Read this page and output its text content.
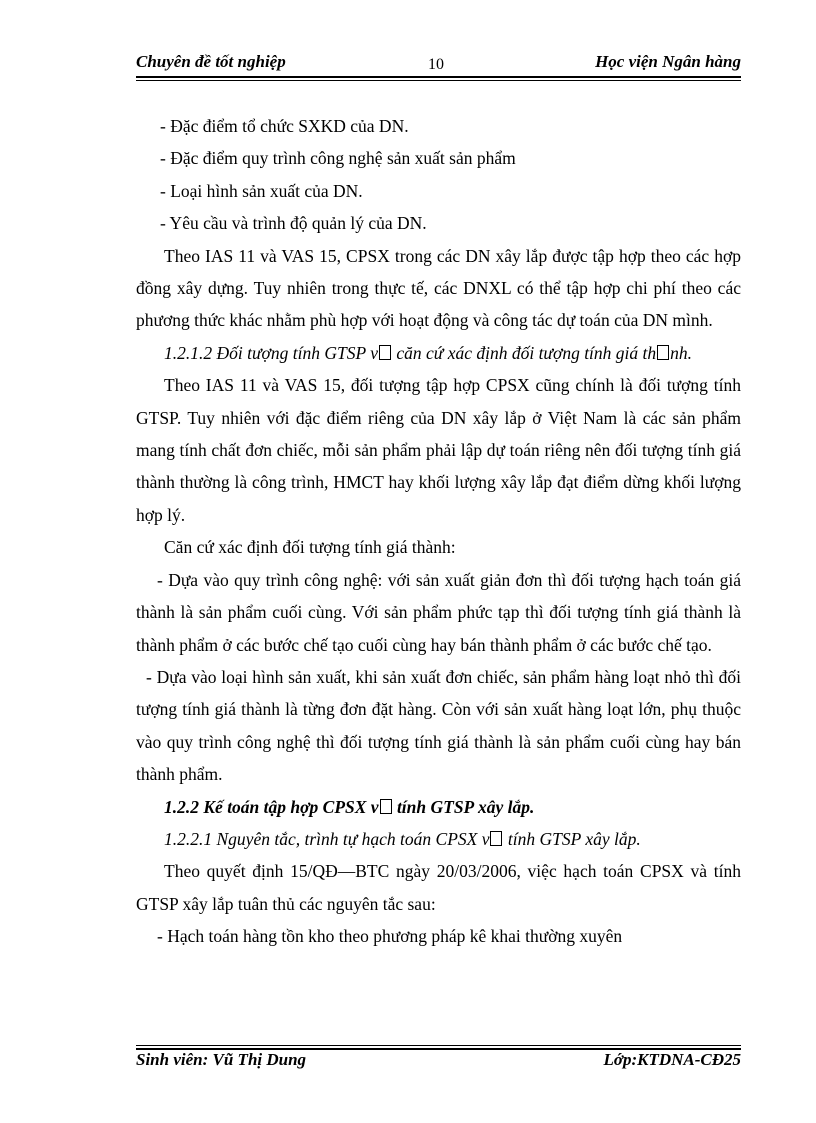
Chuyên đề tốt nghiệp	10	Học viện Ngân hàng

- Đặc điểm tổ chức SXKD của DN.

- Đặc điểm quy trình công nghệ sản xuất sản phẩm

- Loại hình sản xuất của DN.

- Yêu cầu và trình độ quản lý của DN.

Theo IAS 11 và VAS 15, CPSX trong các DN xây lắp được tập hợp theo các hợp đồng xây dựng. Tuy nhiên trong thực tế, các DNXL có thể tập hợp chi phí theo các phương thức khác nhằm phù hợp với hoạt động và công tác dự toán của DN mình.

1.2.1.2 Đối tượng tính GTSP v căn cứ xác định đối tượng tính giá th nh.

Theo IAS 11 và VAS 15, đối tượng tập hợp CPSX cũng chính là đối tượng tính GTSP. Tuy nhiên với đặc điểm riêng của DN xây lắp ở Việt Nam là các sản phẩm mang tính chất đơn chiếc, mỗi sản phẩm phải lập dự toán riêng nên đối tượng tính giá thành thường là công trình, HMCT hay khối lượng xây lắp đạt điểm dừng khối lượng hợp lý.

Căn cứ xác định đối tượng tính giá thành:

- Dựa vào quy trình công nghệ: với sản xuất giản đơn thì đối tượng hạch toán giá thành là sản phẩm cuối cùng. Với sản phẩm phức tạp thì đối tượng tính giá thành là thành phẩm ở các bước chế tạo cuối cùng hay bán thành phẩm ở các bước chế tạo.

- Dựa vào loại hình sản xuất, khi sản xuất đơn chiếc, sản phẩm hàng loạt nhỏ thì đối tượng tính giá thành là từng đơn đặt hàng. Còn với sản xuất hàng loạt lớn, phụ thuộc vào quy trình công nghệ thì đối tượng tính giá thành là sản phẩm cuối cùng hay bán thành phẩm.

1.2.2 Kế toán tập hợp CPSX v tính GTSP xây lắp.

1.2.2.1 Nguyên tắc, trình tự hạch toán CPSX v tính GTSP xây lắp.

Theo quyết định 15/QĐ—BTC ngày 20/03/2006, việc hạch toán CPSX và tính GTSP xây lắp tuân thủ các nguyên tắc sau:

- Hạch toán hàng tồn kho theo phương pháp kê khai thường xuyên

Sinh viên: Vũ Thị Dung	Lớp:KTDNA-CĐ25
